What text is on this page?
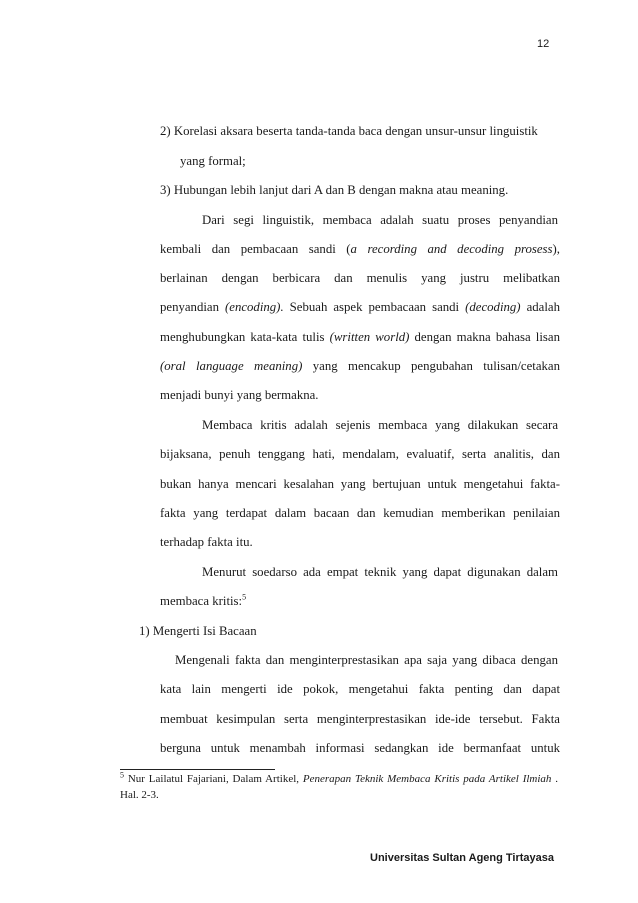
12
2) Korelasi aksara beserta tanda-tanda baca dengan unsur-unsur linguistik
yang formal;
3) Hubungan lebih lanjut dari A dan B dengan makna atau meaning.
Dari segi linguistik, membaca adalah suatu proses penyandian
kembali dan pembacaan sandi (a recording and decoding prosess),
berlainan dengan berbicara dan menulis yang justru melibatkan
penyandian (encoding). Sebuah aspek pembacaan sandi (decoding) adalah
menghubungkan kata-kata tulis (written world) dengan makna bahasa lisan
(oral language meaning) yang mencakup pengubahan tulisan/cetakan
menjadi bunyi yang bermakna.
Membaca kritis adalah sejenis membaca yang dilakukan secara
bijaksana, penuh tenggang hati, mendalam, evaluatif, serta analitis, dan
bukan hanya mencari kesalahan yang bertujuan untuk mengetahui fakta-
fakta yang terdapat dalam bacaan dan kemudian memberikan penilaian
terhadap fakta itu.
Menurut soedarso ada empat teknik yang dapat digunakan dalam
membaca kritis:$^5$
1) Mengerti Isi Bacaan
Mengenali fakta dan menginterprestasikan apa saja yang dibaca dengan
kata lain mengerti ide pokok, mengetahui fakta penting dan dapat
membuat kesimpulan serta menginterprestasikan ide-ide tersebut. Fakta
berguna untuk menambah informasi sedangkan ide bermanfaat untuk
$^5$ Nur Lailatul Fajariani, Dalam Artikel, Penerapan Teknik Membaca Kritis pada Artikel Ilmiah .
Hal. 2-3.
Universitas Sultan Ageng Tirtayasa
